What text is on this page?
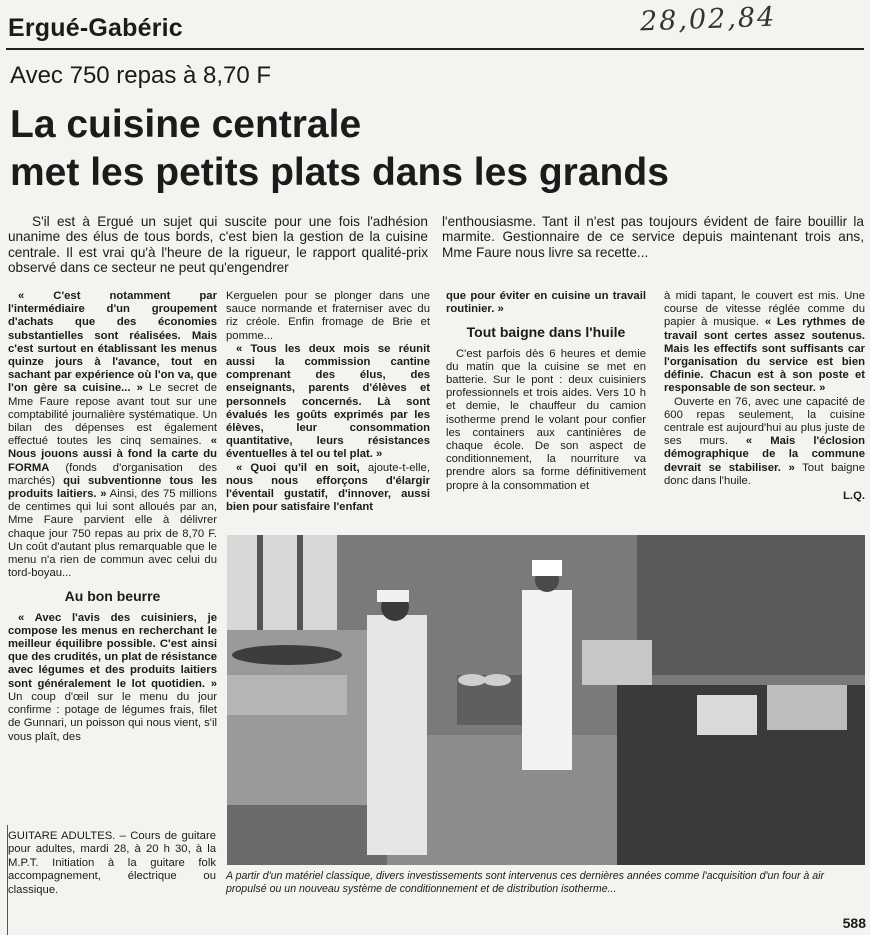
Ergué-Gabéric	28,02,84
Avec 750 repas à 8,70 F
La cuisine centrale
met les petits plats dans les grands
S'il est à Ergué un sujet qui suscite pour une fois l'adhésion unanime des élus de tous bords, c'est bien la gestion de la cuisine centrale. Il est vrai qu'à l'heure de la rigueur, le rapport qualité-prix observé dans ce secteur ne peut qu'engendrer
l'enthousiasme. Tant il n'est pas toujours évident de faire bouillir la marmite. Gestionnaire de ce service depuis maintenant trois ans, Mme Faure nous livre sa recette...

« C'est notamment par l'intermédiaire d'un groupement d'achats que des économies substantielles sont réalisées. Mais c'est surtout en établissant les menus quinze jours à l'avance, tout en sachant par expérience où l'on va, que l'on gère sa cuisine... » Le secret de Mme Faure repose avant tout sur une comptabilité journalière systématique. Un bilan des dépenses est également effectué toutes les cinq semaines. « Nous jouons aussi à fond la carte du FORMA (fonds d'organisation des marchés) qui subventionne tous les produits laitiers. » Ainsi, des 75 millions de centimes qui lui sont alloués par an, Mme Faure parvient elle à délivrer chaque jour 750 repas au prix de 8,70 F. Un coût d'autant plus remarquable que le menu n'a rien de commun avec celui du tord-boyau...

Au bon beurre

« Avec l'avis des cuisiniers, je compose les menus en recherchant le meilleur équilibre possible. C'est ainsi que des crudités, un plat de résistance avec légumes et des produits laitiers sont généralement le lot quotidien. » Un coup d'œil sur le menu du jour confirme : potage de légumes frais, filet de Gunnari, un poisson qui nous vient, s'il vous plaît, des

Kerguelen pour se plonger dans une sauce normande et fraterniser avec du riz créole. Enfin fromage de Brie et pomme...

« Tous les deux mois se réunit aussi la commission cantine comprenant des élus, des enseignants, parents d'élèves et personnels concernés. Là sont évalués les goûts exprimés par les élèves, leur consommation quantitative, leurs résistances éventuelles à tel ou tel plat. »

« Quoi qu'il en soit, ajoute-t-elle, nous nous efforçons d'élargir l'éventail gustatif, d'innover, aussi bien pour satisfaire l'enfant

que pour éviter en cuisine un travail routinier. »

Tout baigne dans l'huile

C'est parfois dès 6 heures et demie du matin que la cuisine se met en batterie. Sur le pont : deux cuisiniers professionnels et trois aides. Vers 10 h et demie, le chauffeur du camion isotherme prend le volant pour confier les containers aux cantinières de chaque école. De son aspect de conditionnement, la nourriture va prendre alors sa forme définitivement propre à la consommation et

à midi tapant, le couvert est mis. Une course de vitesse réglée comme du papier à musique. « Les rythmes de travail sont certes assez soutenus. Mais les effectifs sont suffisants car l'organisation du service est bien définie. Chacun est à son poste et responsable de son secteur. »

Ouverte en 76, avec une capacité de 600 repas seulement, la cuisine centrale est aujourd'hui au plus juste de ses murs. « Mais l'éclosion démographique de la commune devrait se stabiliser. » Tout baigne donc dans l'huile.

L.Q.

A partir d'un matériel classique, divers investissements sont intervenus ces dernières années comme l'acquisition d'un four à air propulsé ou un nouveau système de conditionnement et de distribution isotherme...
GUITARE ADULTES. – Cours de guitare pour adultes, mardi 28, à 20 h 30, à la M.P.T. Initiation à la guitare folk accompagnement, électrique ou classique.
588
